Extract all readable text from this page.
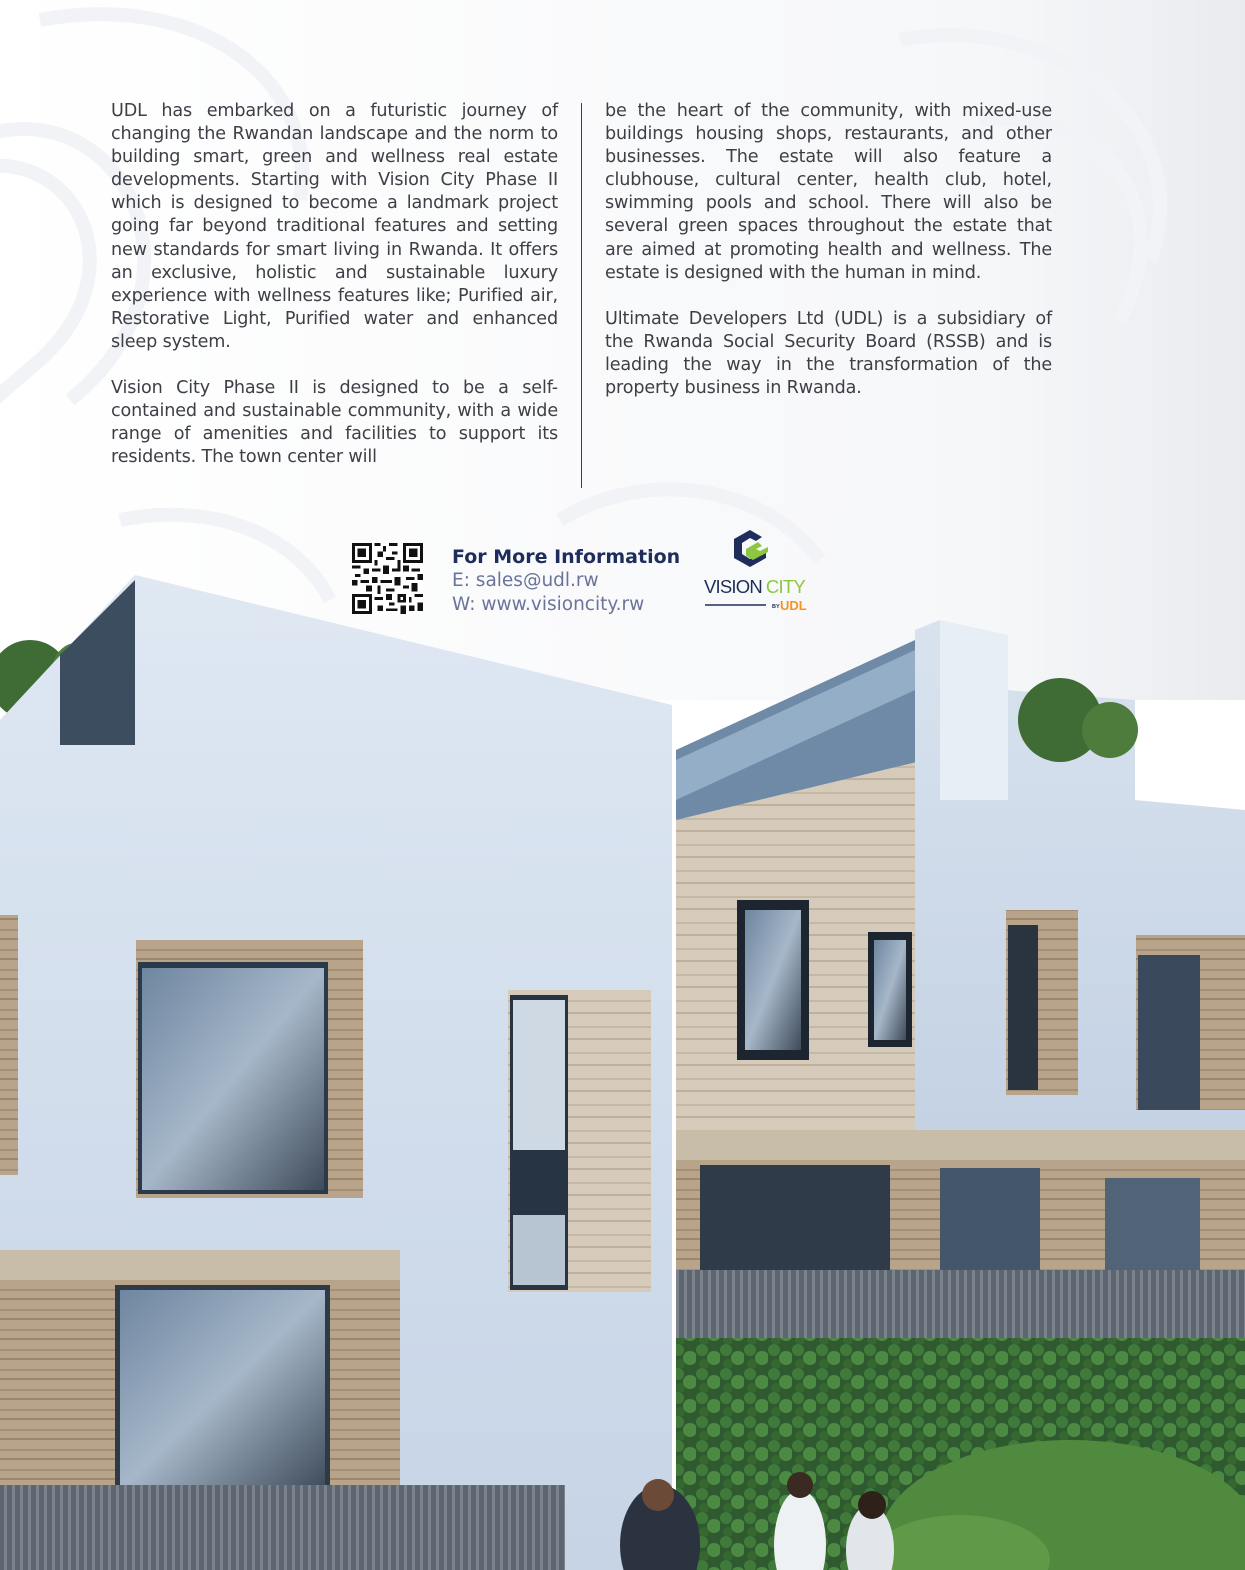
UDL has embarked on a futuristic journey of changing the Rwandan landscape and the norm to building smart, green and wellness real estate developments. Starting with Vision City Phase II which is designed to become a landmark project going far beyond traditional features and setting new standards for smart living in Rwanda. It offers an exclusive, holistic and sustainable luxury experience with wellness features like; Purified air, Restorative Light, Purified water and enhanced sleep system.

Vision City Phase II is designed to be a self-contained and sustainable community, with a wide range of amenities and facilities to support its residents. The town center will

be the heart of the community, with mixed-use buildings housing shops, restaurants, and other businesses. The estate will also feature a clubhouse, cultural center, health club, hotel, swimming pools and school. There will also be several green spaces throughout the estate that are aimed at promoting health and wellness. The estate is designed with the human in mind.

Ultimate Developers Ltd (UDL) is a subsidiary of the Rwanda Social Security Board (RSSB) and is leading the way in the transformation of the property business in Rwanda.

For More Information
E: sales@udl.rw
W: www.visioncity.rw
VISION CITY
BY UDL
